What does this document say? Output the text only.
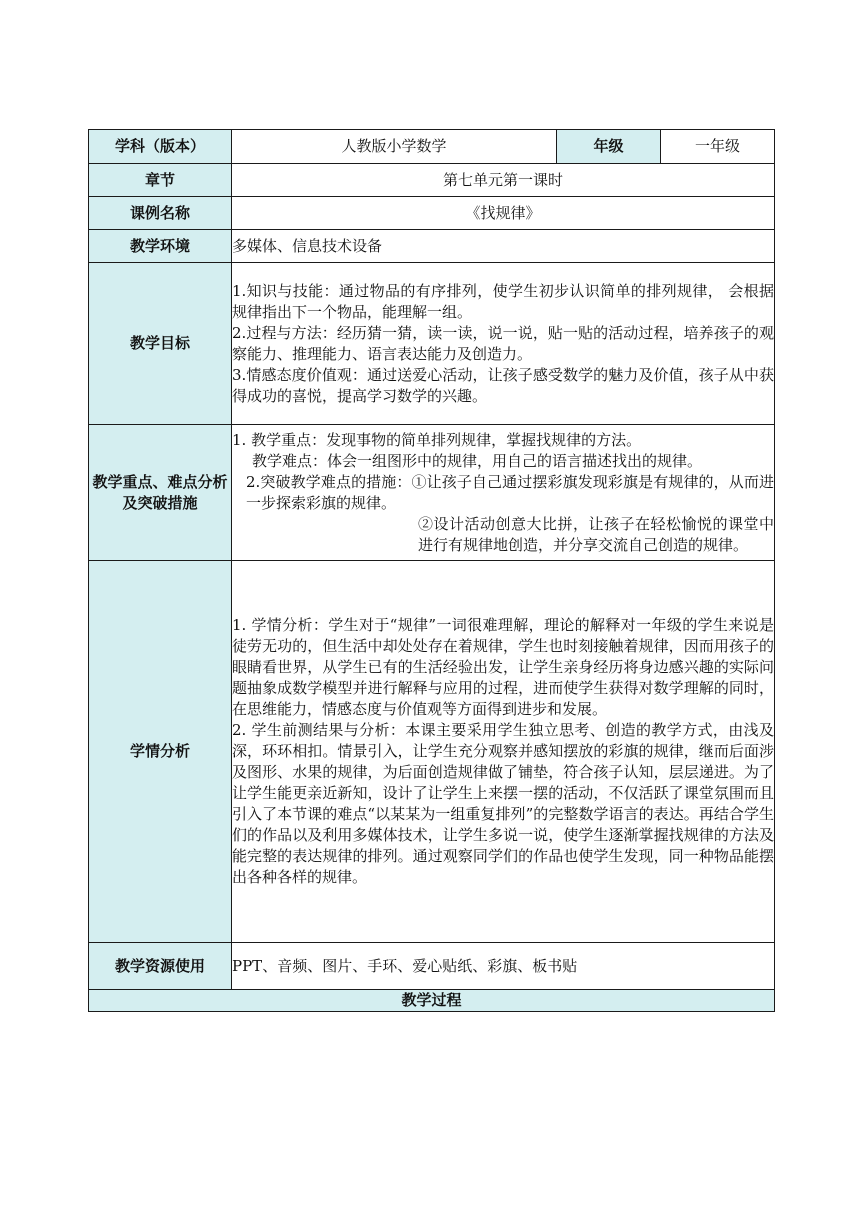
学科（版本）	人教版小学数学	年级	一年级
章节	第七单元第一课时		
课例名称	《找规律》		
教学环境	多媒体、信息技术设备		
教学目标	1.知识与技能：通过物品的有序排列，使学生初步认识简单的排列规律， 会根据规律指出下一个物品，能理解一组。

2.过程与方法：经历猜一猜，读一读，说一说，贴一贴的活动过程，培养孩子的观察能力、推理能力、语言表达能力及创造力。

3.情感态度价值观：通过送爱心活动，让孩子感受数学的魅力及价值，孩子从中获得成功的喜悦，提高学习数学的兴趣。		

教学重点、难点分析及突破措施	1. 教学重点：发现事物的简单排列规律，掌握找规律的方法。

教学难点：体会一组图形中的规律，用自己的语言描述找出的规律。

2.突破教学难点的措施：①让孩子自己通过摆彩旗发现彩旗是有规律的，从而进一步探索彩旗的规律。

②设计活动创意大比拼，让孩子在轻松愉悦的课堂中进行有规律地创造，并分享交流自己创造的规律。		

学情分析	1. 学情分析：学生对于“规律”一词很难理解，理论的解释对一年级的学生来说是徒劳无功的，但生活中却处处存在着规律，学生也时刻接触着规律，因而用孩子的眼睛看世界，从学生已有的生活经验出发，让学生亲身经历将身边感兴趣的实际问题抽象成数学模型并进行解释与应用的过程，进而使学生获得对数学理解的同时，在思维能力，情感态度与价值观等方面得到进步和发展。

2. 学生前测结果与分析：本课主要采用学生独立思考、创造的教学方式，由浅及深，环环相扣。情景引入，让学生充分观察并感知摆放的彩旗的规律，继而后面涉及图形、水果的规律，为后面创造规律做了铺垫，符合孩子认知，层层递进。为了让学生能更亲近新知，设计了让学生上来摆一摆的活动，不仅活跃了课堂氛围而且引入了本节课的难点“以某某为一组重复排列”的完整数学语言的表达。再结合学生们的作品以及利用多媒体技术，让学生多说一说，使学生逐渐掌握找规律的方法及能完整的表达规律的排列。通过观察同学们的作品也使学生发现，同一种物品能摆出各种各样的规律。		

教学资源使用	PPT、音频、图片、手环、爱心贴纸、彩旗、板书贴		
教学过程			
